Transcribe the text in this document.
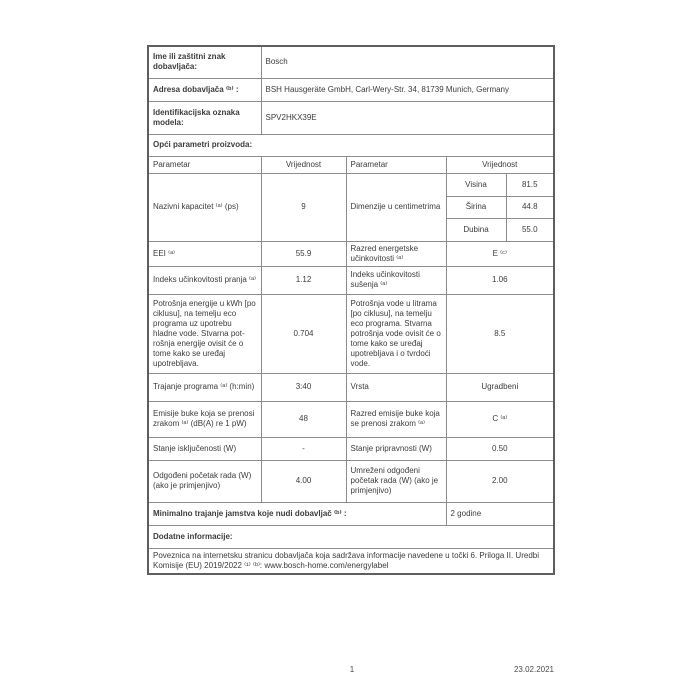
Ime ili zaštitni znak dobavljača:	Bosch			
Adresa dobavljača ⁽ᵇ⁾ :	BSH Hausgeräte GmbH, Carl-Wery-Str. 34, 81739 Munich, Germany			
Identifikacijska oznaka modela:	SPV2HKX39E			
Opći parametri proizvoda:				
Parametar	Vrijednost	Parametar	Vrijednost	
Nazivni kapacitet ⁽ᵃ⁾ (ps)	9	Dimenzije u centimetrima	Visina	81.5
			Širina	44.8
			Dubina	55.0
EEI ⁽ᵃ⁾	55.9	Razred energetske učinkovitosti ⁽ᵃ⁾	E ⁽ᶜ⁾	
Indeks učinkovitosti pranja ⁽ᵃ⁾	1.12	Indeks učinkovitosti sušenja ⁽ᵃ⁾	1.06	
Potrošnja energije u kWh [po ciklusu], na temelju eco programa uz upotrebu hladne vode. Stvarna potrošnja energije ovisit će o tome kako se uređaj upotrebljava.	0.704	Potrošnja vode u litrama [po ciklusu], na temelju eco programa. Stvarna potrošnja vode ovisit će o tome kako se uređaj upotrebljava i o tvrdoći vode.	8.5	
Trajanje programa ⁽ᵃ⁾ (h:min)	3:40	Vrsta	Ugradbeni	
Emisije buke koja se prenosi zrakom ⁽ᵃ⁾ (dB(A) re 1 pW)	48	Razred emisije buke koja se prenosi zrakom ⁽ᵃ⁾	C ⁽ᵃ⁾	
Stanje isključenosti (W)	-	Stanje pripravnosti (W)	0.50	
Odgođeni početak rada (W) (ako je primjenjivo)	4.00	Umreženi odgođeni početak rada (W) (ako je primjenjivo)	2.00	
Minimalno trajanje jamstva koje nudi dobavljač ⁽ᵇ⁾ :			2 godine	
Dodatne informacije:				
Poveznica na internetsku stranicu dobavljača koja sadržava informacije navedene u točki 6. Priloga II. Uredbi Komisije (EU) 2019/2022 ⁽¹⁾ ⁽ᵇ⁾: www.bosch-home.com/energylabel				
1	23.02.2021
